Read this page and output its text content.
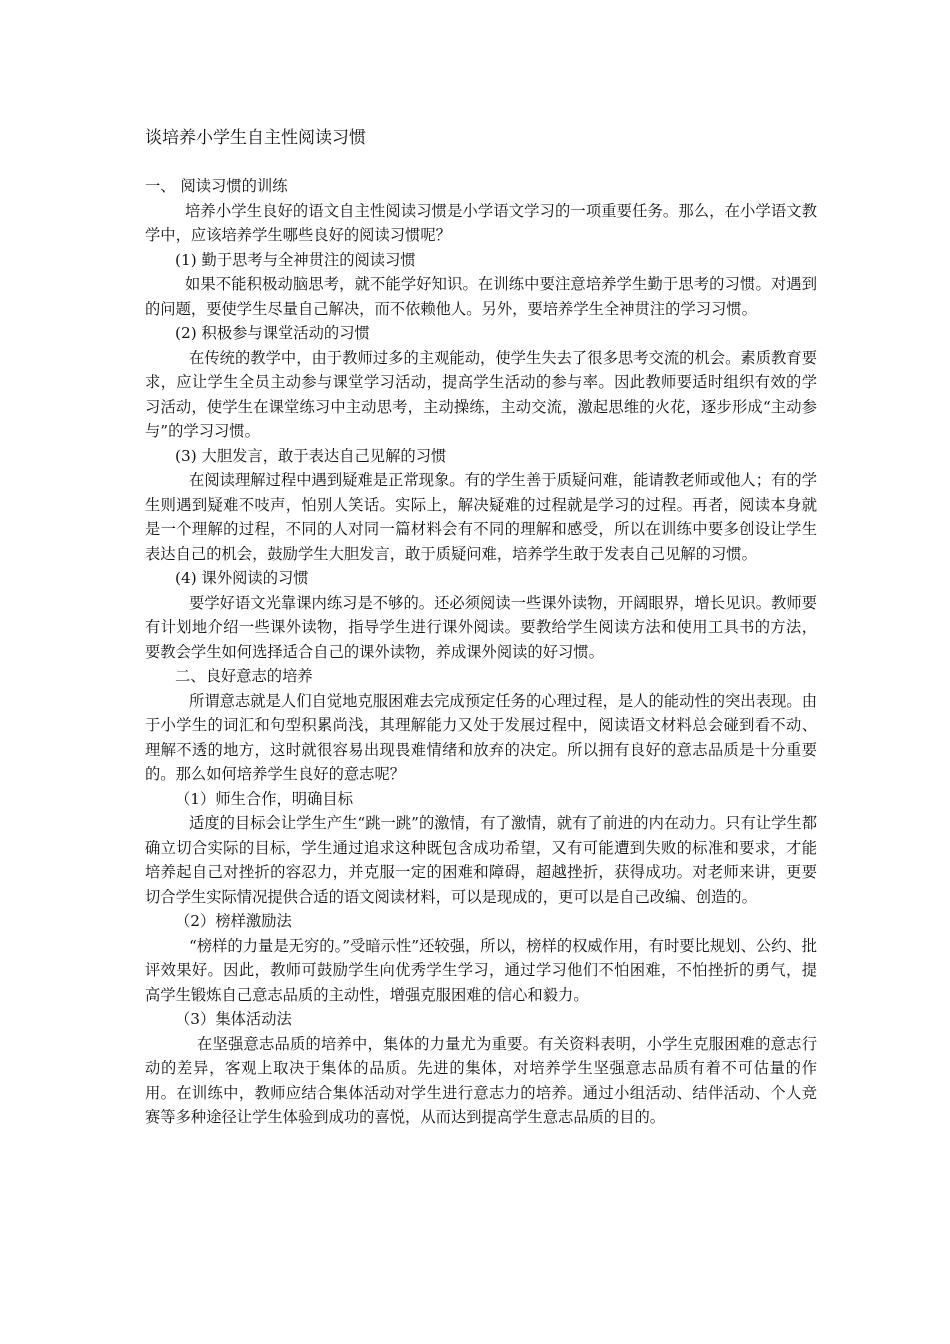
谈培养小学生自主性阅读习惯

一、 阅读习惯的训练

培养小学生良好的语文自主性阅读习惯是小学语文学习的一项重要任务。那么，在小学语文教学中，应该培养学生哪些良好的阅读习惯呢？

(1) 勤于思考与全神贯注的阅读习惯

如果不能积极动脑思考，就不能学好知识。在训练中要注意培养学生勤于思考的习惯。对遇到的问题，要使学生尽量自己解决，而不依赖他人。另外，要培养学生全神贯注的学习习惯。

(2) 积极参与课堂活动的习惯

在传统的教学中，由于教师过多的主观能动，使学生失去了很多思考交流的机会。素质教育要求，应让学生全员主动参与课堂学习活动，提高学生活动的参与率。因此教师要适时组织有效的学习活动，使学生在课堂练习中主动思考，主动操练，主动交流，激起思维的火花，逐步形成“主动参与”的学习习惯。

(3) 大胆发言，敢于表达自己见解的习惯

在阅读理解过程中遇到疑难是正常现象。有的学生善于质疑问难，能请教老师或他人；有的学生则遇到疑难不吱声，怕别人笑话。实际上，解决疑难的过程就是学习的过程。再者，阅读本身就是一个理解的过程，不同的人对同一篇材料会有不同的理解和感受，所以在训练中要多创设让学生表达自己的机会，鼓励学生大胆发言，敢于质疑问难，培养学生敢于发表自己见解的习惯。

(4) 课外阅读的习惯

要学好语文光靠课内练习是不够的。还必须阅读一些课外读物，开阔眼界，增长见识。教师要有计划地介绍一些课外读物，指导学生进行课外阅读。要教给学生阅读方法和使用工具书的方法，要教会学生如何选择适合自己的课外读物，养成课外阅读的好习惯。

二、良好意志的培养

所谓意志就是人们自觉地克服困难去完成预定任务的心理过程，是人的能动性的突出表现。由于小学生的词汇和句型积累尚浅，其理解能力又处于发展过程中，阅读语文材料总会碰到看不动、理解不透的地方，这时就很容易出现畏难情绪和放弃的决定。所以拥有良好的意志品质是十分重要的。那么如何培养学生良好的意志呢？

（1）师生合作，明确目标

适度的目标会让学生产生“跳一跳”的激情，有了激情，就有了前进的内在动力。只有让学生都确立切合实际的目标，学生通过追求这种既包含成功希望，又有可能遭到失败的标准和要求，才能培养起自己对挫折的容忍力，并克服一定的困难和障碍，超越挫折，获得成功。对老师来讲，更要切合学生实际情况提供合适的语文阅读材料，可以是现成的，更可以是自己改编、创造的。

（2）榜样激励法

“榜样的力量是无穷的。”受暗示性”还较强，所以，榜样的权威作用，有时要比规划、公约、批评效果好。因此，教师可鼓励学生向优秀学生学习，通过学习他们不怕困难，不怕挫折的勇气，提高学生锻炼自己意志品质的主动性，增强克服困难的信心和毅力。

（3）集体活动法

在坚强意志品质的培养中，集体的力量尤为重要。有关资料表明，小学生克服困难的意志行动的差异，客观上取决于集体的品质。先进的集体，对培养学生坚强意志品质有着不可估量的作用。在训练中，教师应结合集体活动对学生进行意志力的培养。通过小组活动、结伴活动、个人竞赛等多种途径让学生体验到成功的喜悦，从而达到提高学生意志品质的目的。
